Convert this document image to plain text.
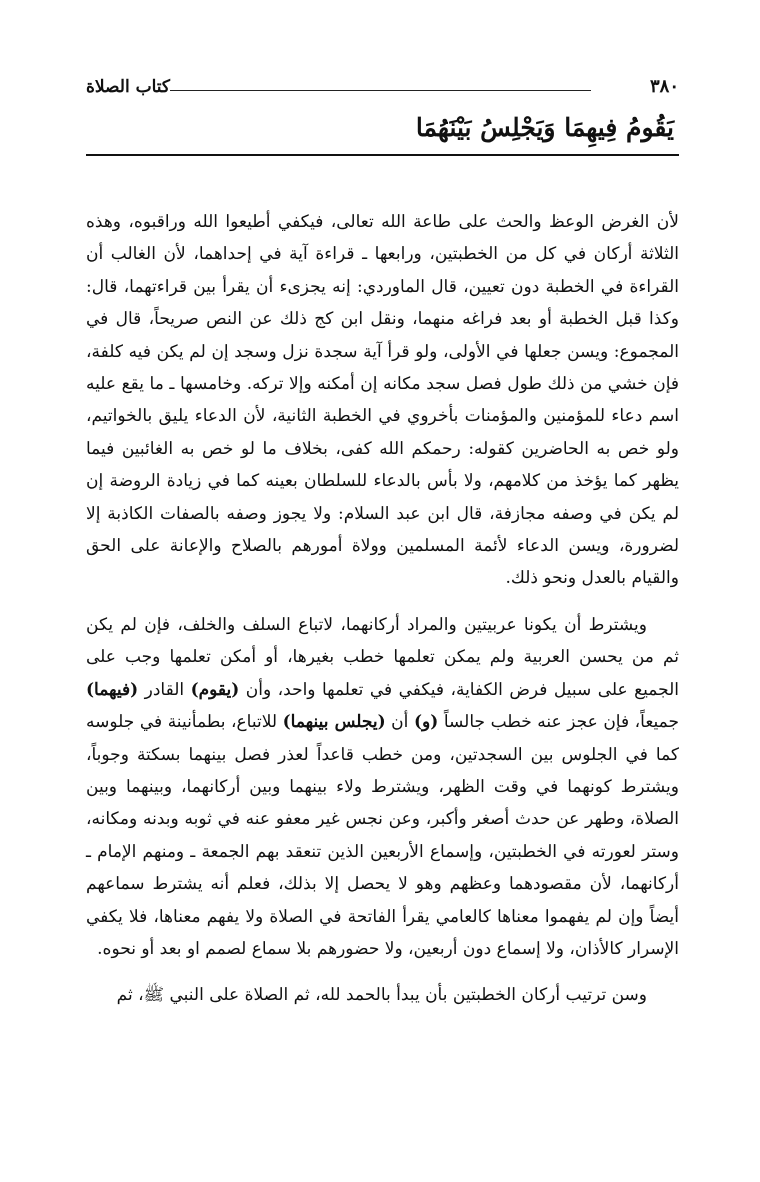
كتاب الصلاة	٣٨٠
يَقُومُ فِيهِمَا وَيَجْلِسُ بَيْنَهُمَا

لأن الغرض الوعظ والحث على طاعة الله تعالى، فيكفي أطيعوا الله وراقبوه، وهذه الثلاثة أركان في كل من الخطبتين، ورابعها ـ قراءة آية في إحداهما، لأن الغالب أن القراءة في الخطبة دون تعيين، قال الماوردي: إنه يجزىء أن يقرأ بين قراءتهما، قال: وكذا قبل الخطبة أو بعد فراغه منهما، ونقل ابن كج ذلك عن النص صريحاً، قال في المجموع: ويسن جعلها في الأولى، ولو قرأ آية سجدة نزل وسجد إن لم يكن فيه كلفة، فإن خشي من ذلك طول فصل سجد مكانه إن أمكنه وإلا تركه. وخامسها ـ ما يقع عليه اسم دعاء للمؤمنين والمؤمنات بأخروي في الخطبة الثانية، لأن الدعاء يليق بالخواتيم، ولو خص به الحاضرين كقوله: رحمكم الله كفى، بخلاف ما لو خص به الغائبين فيما يظهر كما يؤخذ من كلامهم، ولا بأس بالدعاء للسلطان بعينه كما في زيادة الروضة إن لم يكن في وصفه مجازفة، قال ابن عبد السلام: ولا يجوز وصفه بالصفات الكاذبة إلا لضرورة، ويسن الدعاء لأئمة المسلمين وولاة أمورهم بالصلاح والإعانة على الحق والقيام بالعدل ونحو ذلك.

ويشترط أن يكونا عربيتين والمراد أركانهما، لاتباع السلف والخلف، فإن لم يكن ثم من يحسن العربية ولم يمكن تعلمها خطب بغيرها، أو أمكن تعلمها وجب على الجميع على سبيل فرض الكفاية، فيكفي في تعلمها واحد، وأن (يقوم) القادر (فيهما) جميعاً، فإن عجز عنه خطب جالساً (و) أن (يجلس بينهما) للاتباع، بطمأنينة في جلوسه كما في الجلوس بين السجدتين، ومن خطب قاعداً لعذر فصل بينهما بسكتة وجوباً، ويشترط كونهما في وقت الظهر، ويشترط ولاء بينهما وبين أركانهما، وبينهما وبين الصلاة، وطهر عن حدث أصغر وأكبر، وعن نجس غير معفو عنه في ثوبه وبدنه ومكانه، وستر لعورته في الخطبتين، وإسماع الأربعين الذين تنعقد بهم الجمعة ـ ومنهم الإمام ـ أركانهما، لأن مقصودهما وعظهم وهو لا يحصل إلا بذلك، فعلم أنه يشترط سماعهم أيضاً وإن لم يفهموا معناها كالعامي يقرأ الفاتحة في الصلاة ولا يفهم معناها، فلا يكفي الإسرار كالأذان، ولا إسماع دون أربعين، ولا حضورهم بلا سماع لصمم او بعد أو نحوه.

وسن ترتيب أركان الخطبتين بأن يبدأ بالحمد لله، ثم الصلاة على النبي ﷺ، ثم
